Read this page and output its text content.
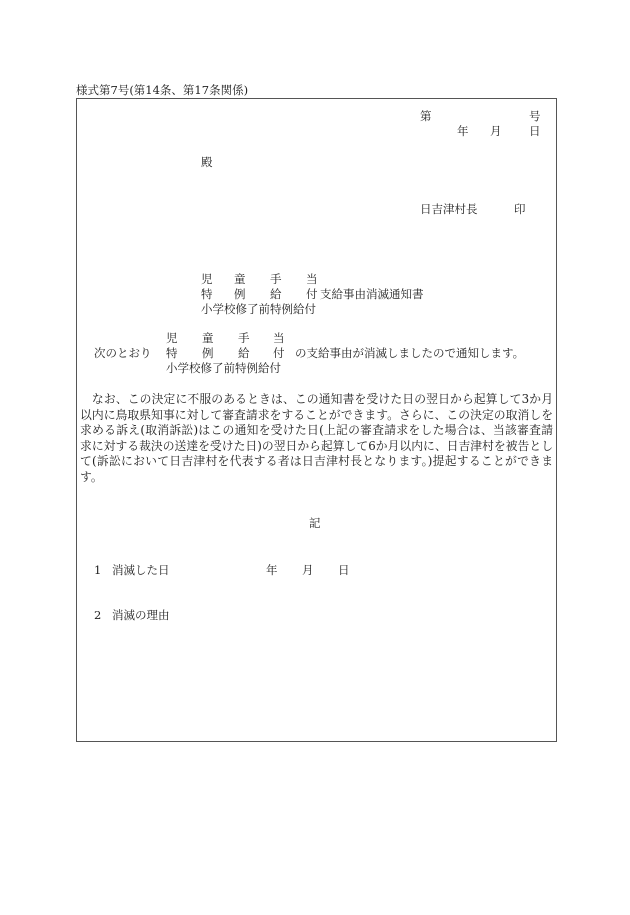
様式第7号(第14条、第17条関係)
第	号
年 月 日
殿
日吉津村長	印
児 童 手 当
特 例 給 付 支給事由消滅通知書
小学校修了前特例給付
児 童 手 当
次のとおり 特 例 給 付 の支給事由が消滅しましたので通知します。
小学校修了前特例給付
　なお、この決定に不服のあるときは、この通知書を受けた日の翌日から起算して3か月
以内に鳥取県知事に対して審査請求をすることができます。さらに、この決定の取消しを
求める訴え(取消訴訟)はこの通知を受けた日(上記の審査請求をした場合は、当該審査請
求に対する裁決の送達を受けた日)の翌日から起算して6か月以内に、日吉津村を被告とし
て(訴訟において日吉津村を代表する者は日吉津村長となります。)提起することができま
す。
記
1 消滅した日	年 月 日
2 消滅の理由
